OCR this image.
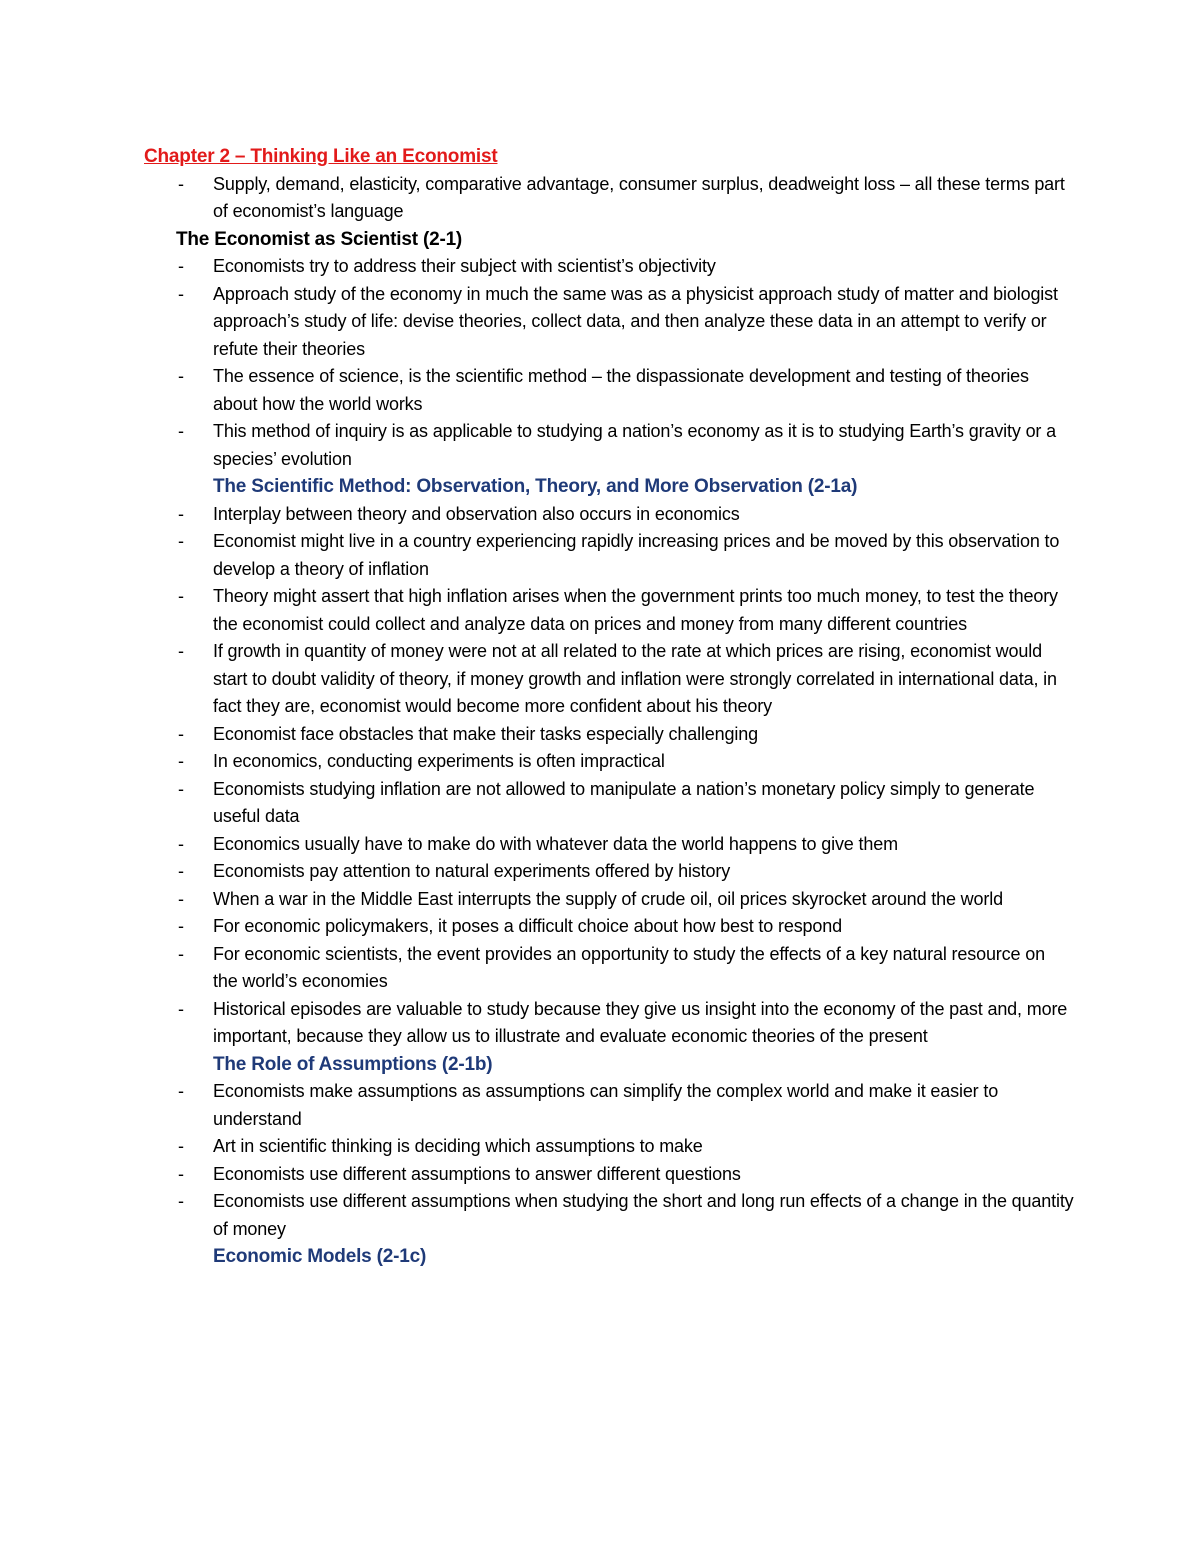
Chapter 2 – Thinking Like an Economist
- Supply, demand, elasticity, comparative advantage, consumer surplus, deadweight loss – all these terms part of economist’s language
The Economist as Scientist (2-1)
- Economists try to address their subject with scientist’s objectivity
- Approach study of the economy in much the same was as a physicist approach study of matter and biologist approach’s study of life: devise theories, collect data, and then analyze these data in an attempt to verify or refute their theories
- The essence of science, is the scientific method – the dispassionate development and testing of theories about how the world works
- This method of inquiry is as applicable to studying a nation’s economy as it is to studying Earth’s gravity or a species’ evolution
The Scientific Method: Observation, Theory, and More Observation (2-1a)
- Interplay between theory and observation also occurs in economics
- Economist might live in a country experiencing rapidly increasing prices and be moved by this observation to develop a theory of inflation
- Theory might assert that high inflation arises when the government prints too much money, to test the theory the economist could collect and analyze data on prices and money from many different countries
- If growth in quantity of money were not at all related to the rate at which prices are rising, economist would start to doubt validity of theory, if money growth and inflation were strongly correlated in international data, in fact they are, economist would become more confident about his theory
- Economist face obstacles that make their tasks especially challenging
- In economics, conducting experiments is often impractical
- Economists studying inflation are not allowed to manipulate a nation’s monetary policy simply to generate useful data
- Economics usually have to make do with whatever data the world happens to give them
- Economists pay attention to natural experiments offered by history
- When a war in the Middle East interrupts the supply of crude oil, oil prices skyrocket around the world
- For economic policymakers, it poses a difficult choice about how best to respond
- For economic scientists, the event provides an opportunity to study the effects of a key natural resource on the world’s economies
- Historical episodes are valuable to study because they give us insight into the economy of the past and, more important, because they allow us to illustrate and evaluate economic theories of the present
The Role of Assumptions (2-1b)
- Economists make assumptions as assumptions can simplify the complex world and make it easier to understand
- Art in scientific thinking is deciding which assumptions to make
- Economists use different assumptions to answer different questions
- Economists use different assumptions when studying the short and long run effects of a change in the quantity of money
Economic Models (2-1c)
